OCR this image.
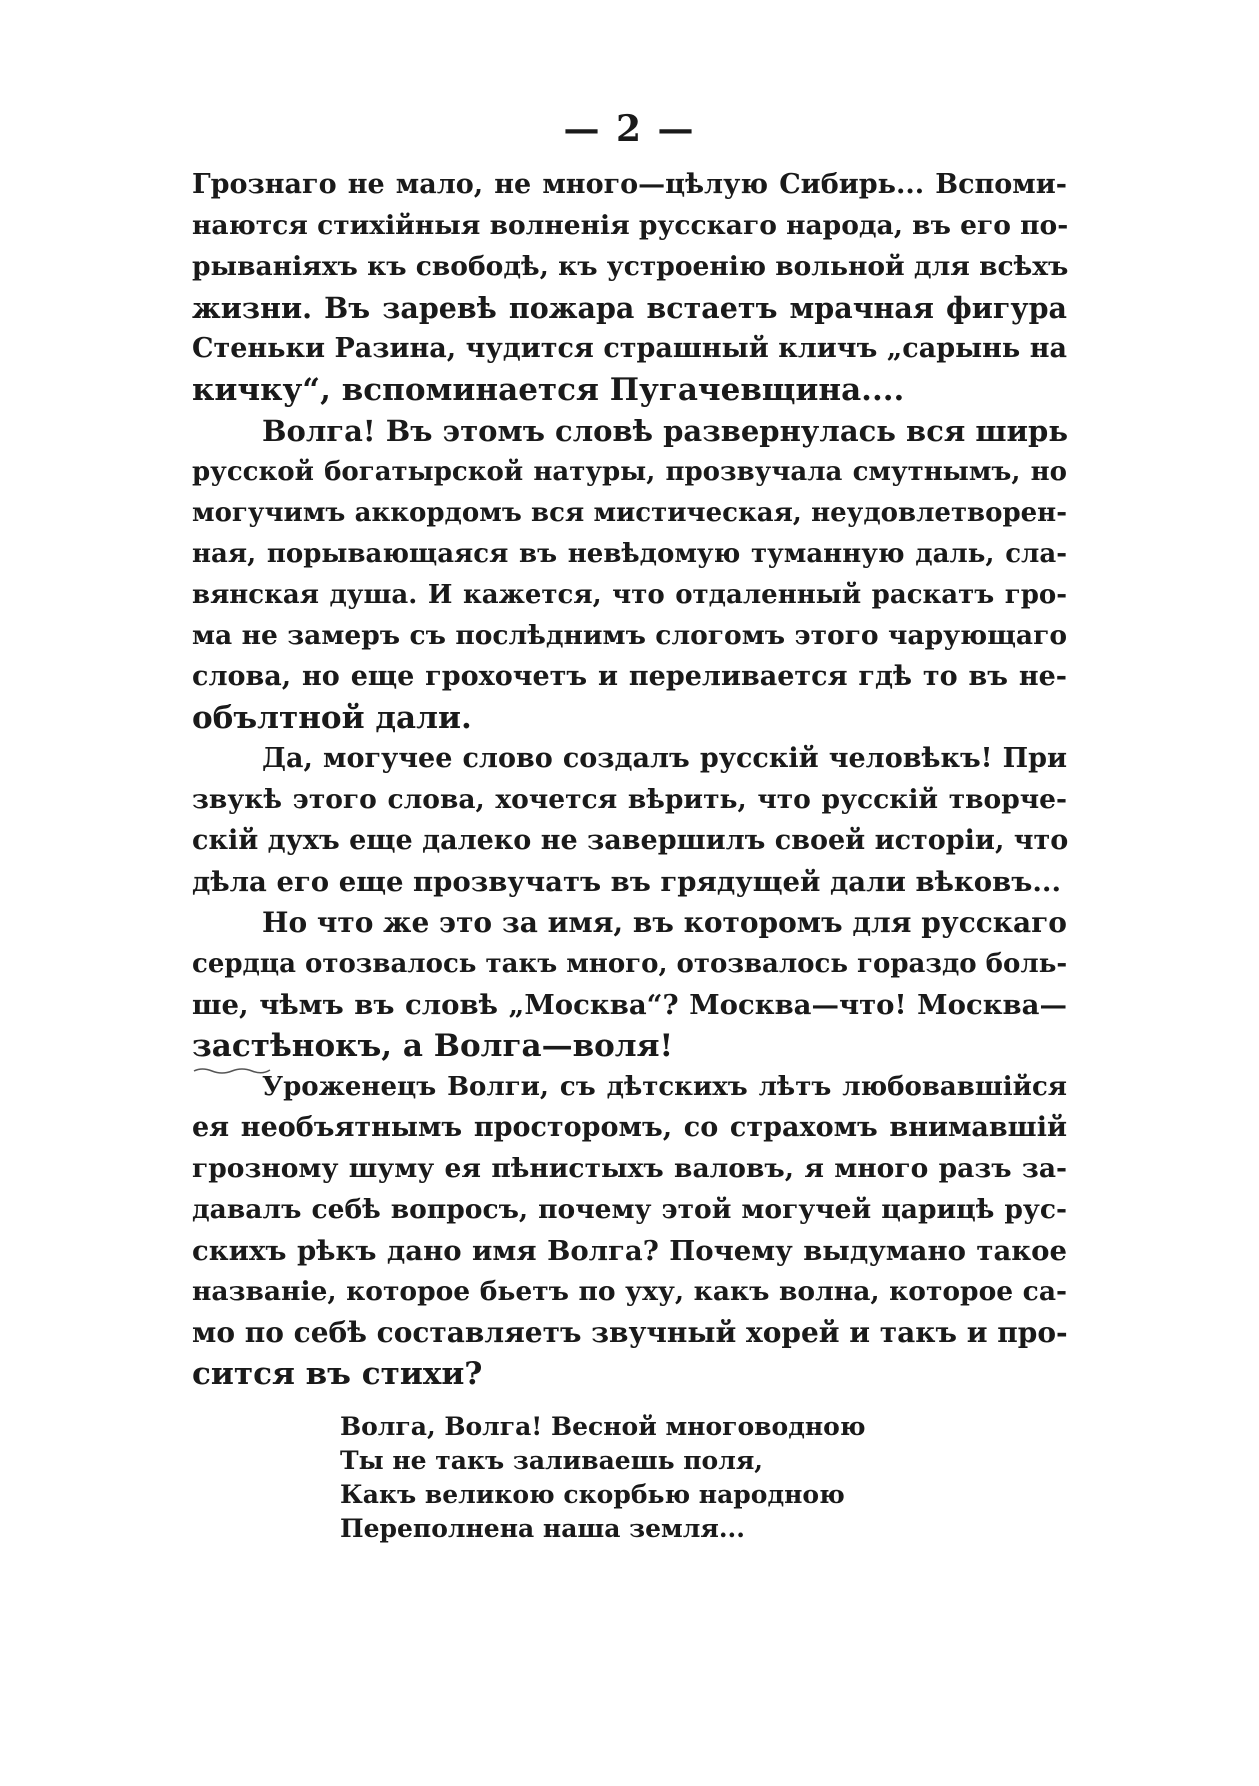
— 2 —
Грознаго не мало, не много—цѣлую Сибирь... Вспоми-
наются стихійныя волненія русскаго народа, въ его по-
рываніяхъ къ свободѣ, къ устроенію вольной для всѣхъ
жизни. Въ заревѣ пожара встаетъ мрачная фигура
Стеньки Разина, чудится страшный кличъ „сарынь на
кичку“, вспоминается Пугачевщина....
Волга! Въ этомъ словѣ развернулась вся ширь
русской богатырской натуры, прозвучала смутнымъ, но
могучимъ аккордомъ вся мистическая, неудовлетворен-
ная, порывающаяся въ невѣдомую туманную даль, сла-
вянская душа. И кажется, что отдаленный раскатъ гро-
ма не замеръ съ послѣднимъ слогомъ этого чарующаго
слова, но еще грохочетъ и переливается гдѣ то въ не-
обълтной дали.
Да, могучее слово создалъ русскій человѣкъ! При
звукѣ этого слова, хочется вѣрить, что русскій творче-
скій духъ еще далеко не завершилъ своей исторіи, что
дѣла его еще прозвучатъ въ грядущей дали вѣковъ...
Но что же это за имя, въ которомъ для русскаго
сердца отозвалось такъ много, отозвалось гораздо боль-
ше, чѣмъ въ словѣ „Москва“? Москва—что! Москва—
застѣнокъ, а Волга—воля!
Уроженецъ Волги, съ дѣтскихъ лѣтъ любовавшійся
ея необъятнымъ просторомъ, со страхомъ внимавшій
грозному шуму ея пѣнистыхъ валовъ, я много разъ за-
давалъ себѣ вопросъ, почему этой могучей царицѣ рус-
скихъ рѣкъ дано имя Волга? Почему выдумано такое
названіе, которое бьетъ по уху, какъ волна, которое са-
мо по себѣ составляетъ звучный хорей и такъ и про-
сится въ стихи?
Волга, Волга! Весной многоводною
Ты не такъ заливаешь поля,
Какъ великою скорбью народною
Переполнена наша земля...
